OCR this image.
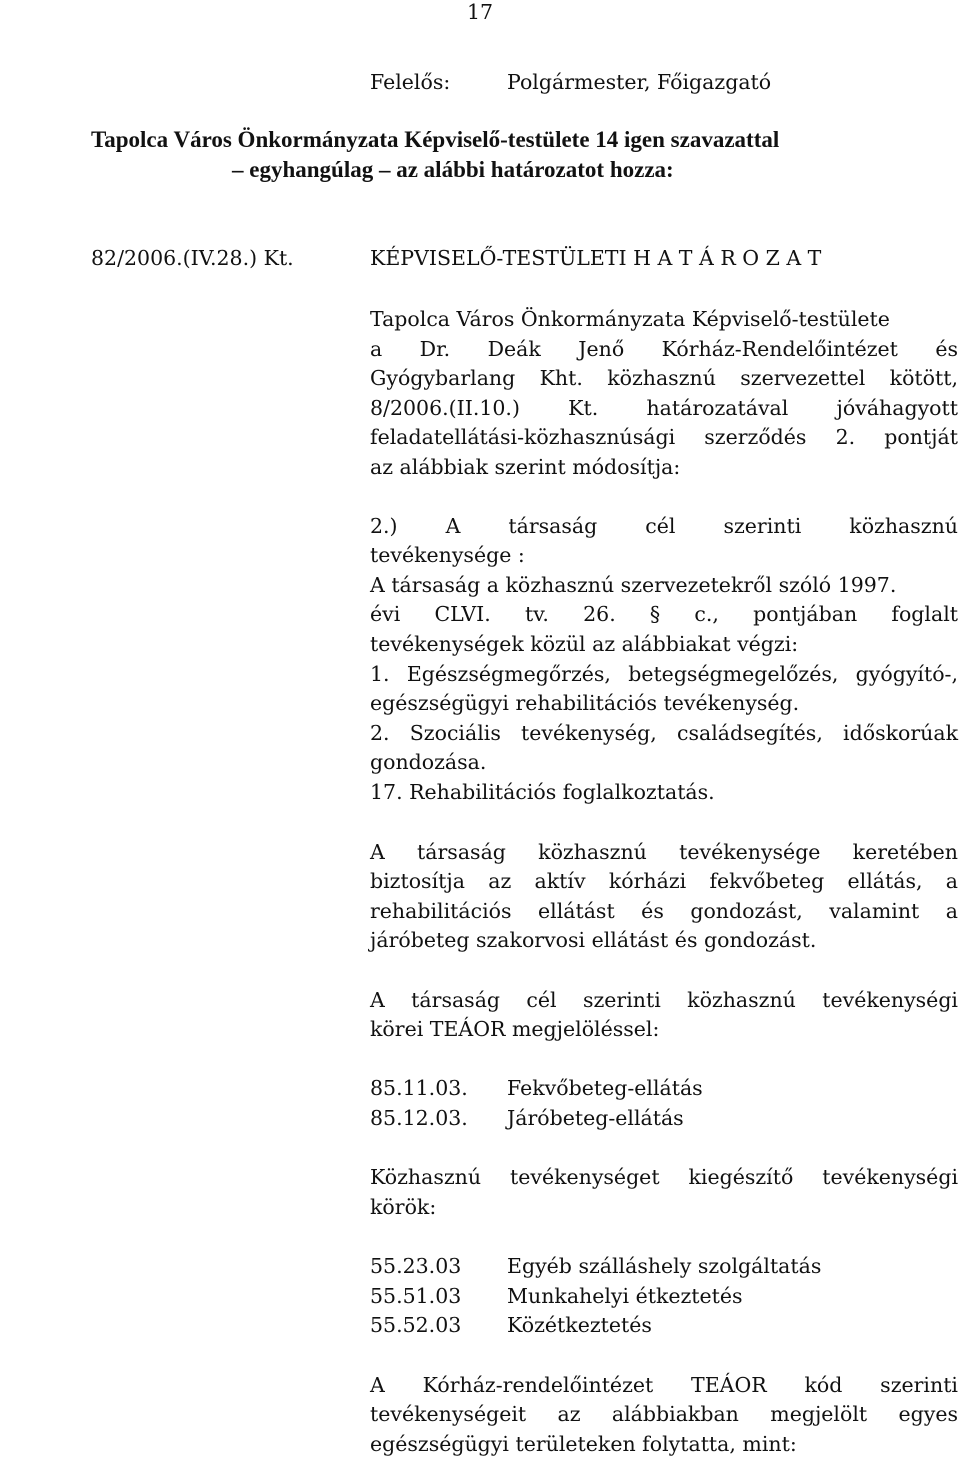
17
Felelős:	Polgármester, Főigazgató
Tapolca Város Önkormányzata Képviselő-testülete 14 igen szavazattal
– egyhangúlag – az alábbi határozatot hozza:
82/2006.(IV.28.) Kt.	KÉPVISELŐ-TESTÜLETI H A T Á R O Z A T
Tapolca Város Önkormányzata Képviselő-testülete
a Dr. Deák Jenő Kórház-Rendelőintézet és
Gyógybarlang Kht. közhasznú szervezettel kötött,
8/2006.(II.10.) Kt. határozatával jóváhagyott
feladatellátási-közhasznúsági szerződés 2. pontját
az alábbiak szerint módosítja:
2.) A társaság cél szerinti közhasznú
tevékenysége :
A társaság a közhasznú szervezetekről szóló 1997.
évi CLVI. tv. 26. § c., pontjában foglalt
tevékenységek közül az alábbiakat végzi:
1. Egészségmegőrzés, betegségmegelőzés, gyógyító-,
egészségügyi rehabilitációs tevékenység.
2. Szociális tevékenység, családsegítés, időskorúak
gondozása.
17. Rehabilitációs foglalkoztatás.
A társaság közhasznú tevékenysége keretében
biztosítja az aktív kórházi fekvőbeteg ellátás, a
rehabilitációs ellátást és gondozást, valamint a
járóbeteg szakorvosi ellátást és gondozást.
A társaság cél szerinti közhasznú tevékenységi
körei TEÁOR megjelöléssel:
85.11.03. Fekvőbeteg-ellátás
85.12.03. Járóbeteg-ellátás
Közhasznú tevékenységet kiegészítő tevékenységi
körök:
55.23.03 Egyéb szálláshely szolgáltatás
55.51.03 Munkahelyi étkeztetés
55.52.03 Közétkeztetés
A Kórház-rendelőintézet TEÁOR kód szerinti
tevékenységeit az alábbiakban megjelölt egyes
egészségügyi területeken folytatta, mint:
